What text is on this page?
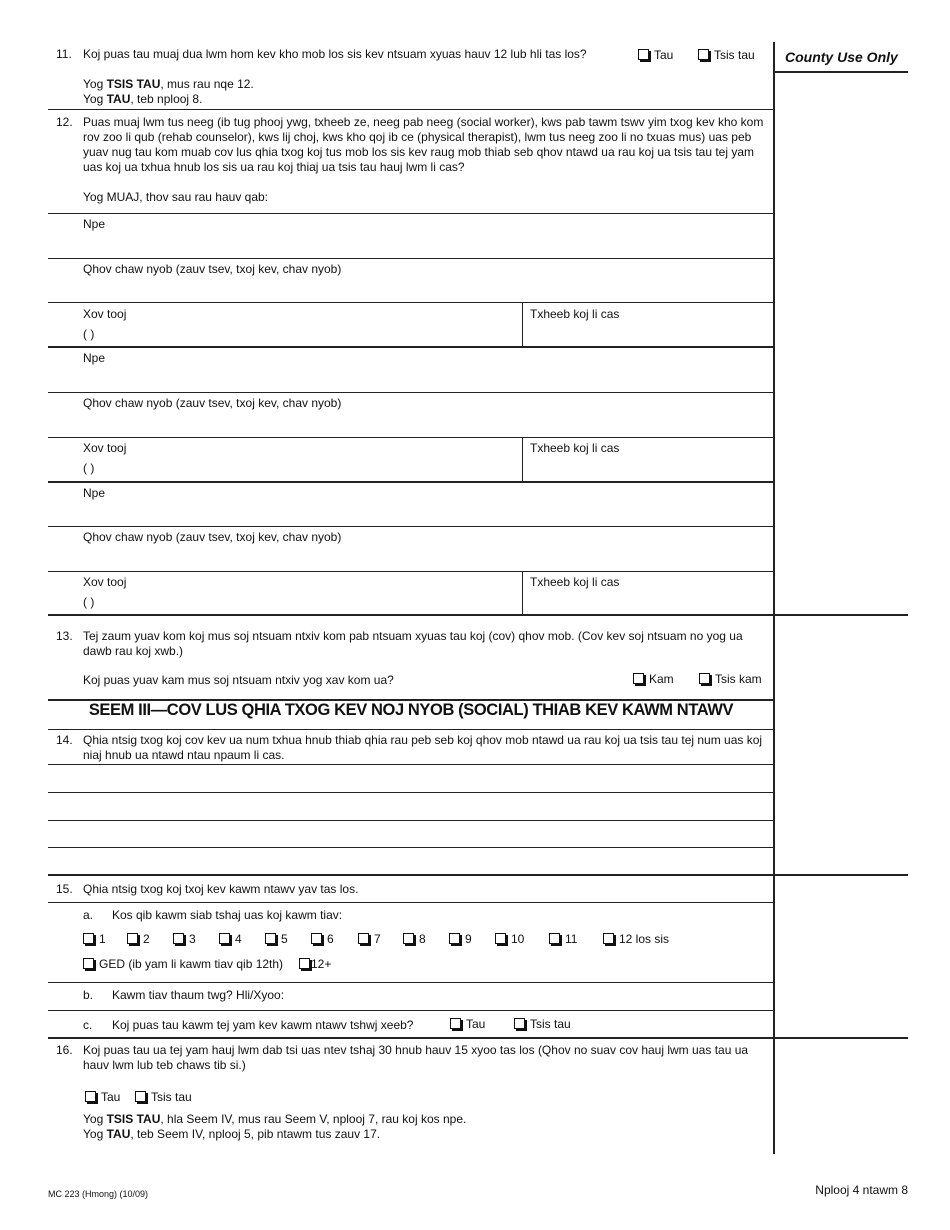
County Use Only
11. Koj puas tau muaj dua lwm hom kev kho mob los sis kev ntsuam xyuas hauv 12 lub hli tas los?	Tau	Tsis tau
Yog TSIS TAU, mus rau nqe 12.
Yog TAU, teb nplooj 8.
12. Puas muaj lwm tus neeg (ib tug phooj ywg, txheeb ze, neeg pab neeg (social worker), kws pab tawm tswv yim txog kev kho kom rov zoo li qub (rehab counselor), kws lij choj, kws kho qoj ib ce (physical therapist), lwm tus neeg zoo li no txuas mus) uas peb yuav nug tau kom muab cov lus qhia txog koj tus mob los sis kev raug mob thiab seb qhov ntawd ua rau koj ua tsis tau tej yam uas koj ua txhua hnub los sis ua rau koj thiaj ua tsis tau hauj lwm li cas?
Yog MUAJ, thov sau rau hauv qab:
Npe
Qhov chaw nyob (zauv tsev, txoj kev, chav nyob)
Xov tooj
( )
Txheeb koj li cas
Npe
Qhov chaw nyob (zauv tsev, txoj kev, chav nyob)
Xov tooj
( )
Txheeb koj li cas
Npe
Qhov chaw nyob (zauv tsev, txoj kev, chav nyob)
Xov tooj
( )
Txheeb koj li cas
13. Tej zaum yuav kom koj mus soj ntsuam ntxiv kom pab ntsuam xyuas tau koj (cov) qhov mob. (Cov kev soj ntsuam no yog ua dawb rau koj xwb.)
Koj puas yuav kam mus soj ntsuam ntxiv yog xav kom ua?	Kam	Tsis kam
SEEM III—COV LUS QHIA TXOG KEV NOJ NYOB (SOCIAL) THIAB KEV KAWM NTAWV
14. Qhia ntsig txog koj cov kev ua num txhua hnub thiab qhia rau peb seb koj qhov mob ntawd ua rau koj ua tsis tau tej num uas koj niaj hnub ua ntawd ntau npaum li cas.
15. Qhia ntsig txog koj txoj kev kawm ntawv yav tas los.
a. Kos qib kawm siab tshaj uas koj kawm tiav:
1	2	3	4	5	6	7	8	9	10	11	12 los sis
GED (ib yam li kawm tiav qib 12th)	12+
b. Kawm tiav thaum twg? Hli/Xyoo:
c. Koj puas tau kawm tej yam kev kawm ntawv tshwj xeeb?	Tau	Tsis tau
16. Koj puas tau ua tej yam hauj lwm dab tsi uas ntev tshaj 30 hnub hauv 15 xyoo tas los (Qhov no suav cov hauj lwm uas tau ua hauv lwm lub teb chaws tib si.)
Tau	Tsis tau
Yog TSIS TAU, hla Seem IV, mus rau Seem V, nplooj 7, rau koj kos npe.
Yog TAU, teb Seem IV, nplooj 5, pib ntawm tus zauv 17.
MC 223 (Hmong) (10/09)	Nplooj 4 ntawm 8
